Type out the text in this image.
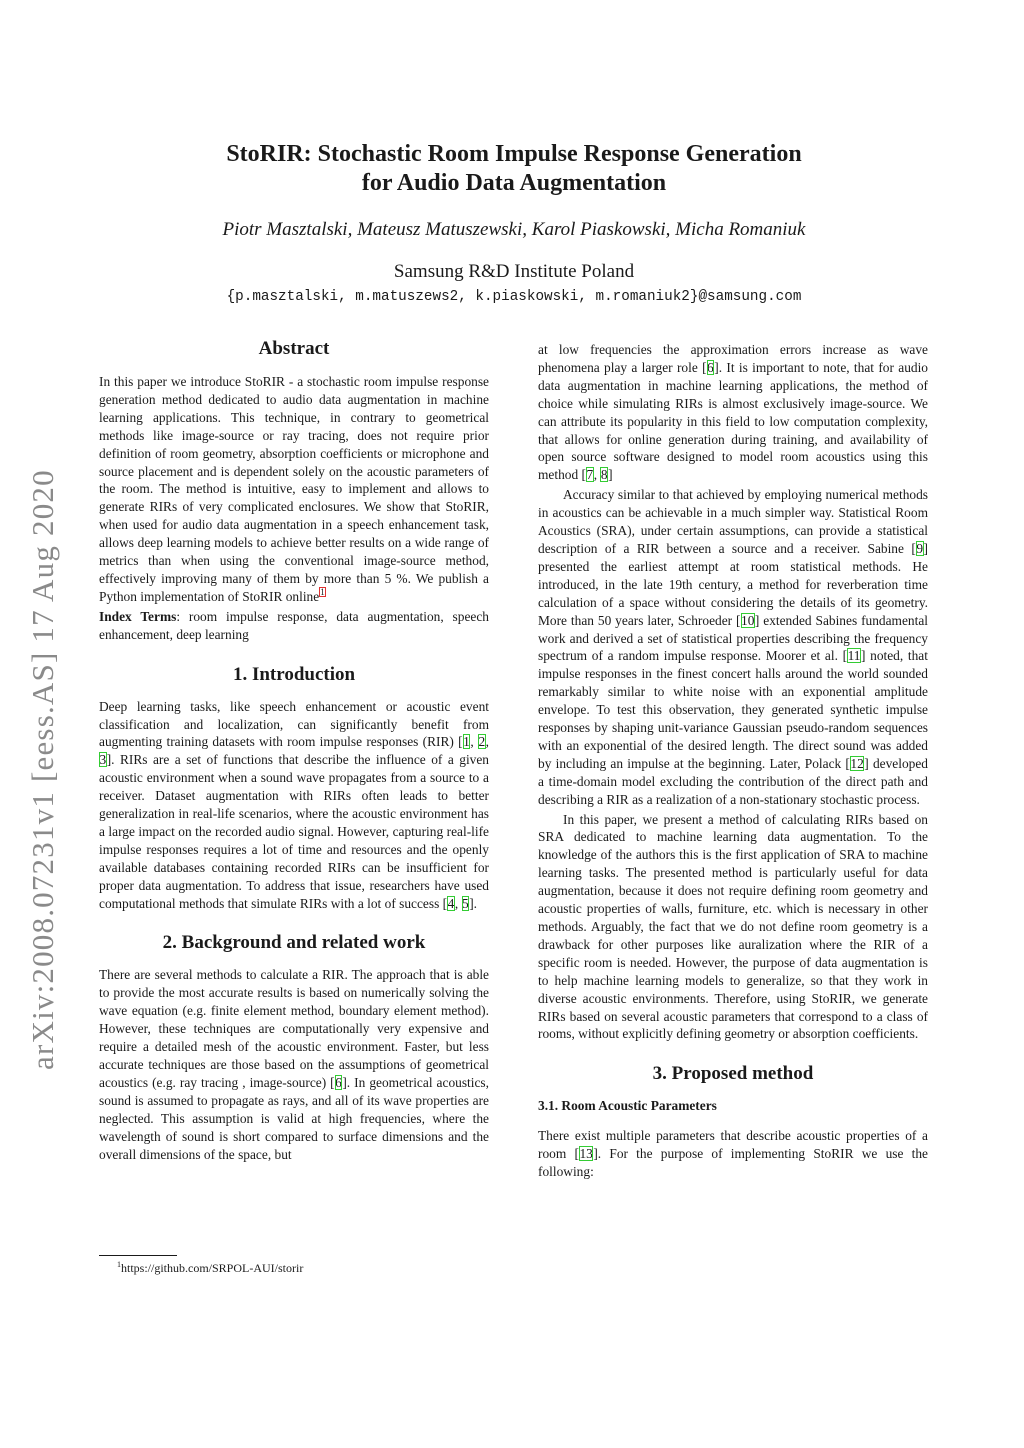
arXiv:2008.07231v1 [eess.AS] 17 Aug 2020
StoRIR: Stochastic Room Impulse Response Generation
for Audio Data Augmentation
Piotr Masztalski, Mateusz Matuszewski, Karol Piaskowski, Micha Romaniuk
Samsung R&D Institute Poland
{p.masztalski, m.matuszews2, k.piaskowski, m.romaniuk2}@samsung.com
Abstract

In this paper we introduce StoRIR - a stochastic room impulse response generation method dedicated to audio data augmentation in machine learning applications. This technique, in contrary to geometrical methods like image-source or ray tracing, does not require prior definition of room geometry, absorption coefficients or microphone and source placement and is dependent solely on the acoustic parameters of the room. The method is intuitive, easy to implement and allows to generate RIRs of very complicated enclosures. We show that StoRIR, when used for audio data augmentation in a speech enhancement task, allows deep learning models to achieve better results on a wide range of metrics than when using the conventional image-source method, effectively improving many of them by more than 5 %. We publish a Python implementation of StoRIR online$^1$

Index Terms: room impulse response, data augmentation, speech enhancement, deep learning

1. Introduction

Deep learning tasks, like speech enhancement or acoustic event classification and localization, can significantly benefit from augmenting training datasets with room impulse responses (RIR) [1, 2, 3]. RIRs are a set of functions that describe the influence of a given acoustic environment when a sound wave propagates from a source to a receiver. Dataset augmentation with RIRs often leads to better generalization in real-life scenarios, where the acoustic environment has a large impact on the recorded audio signal. However, capturing real-life impulse responses requires a lot of time and resources and the openly available databases containing recorded RIRs can be insufficient for proper data augmentation. To address that issue, researchers have used computational methods that simulate RIRs with a lot of success [4, 5].

2. Background and related work

There are several methods to calculate a RIR. The approach that is able to provide the most accurate results is based on numerically solving the wave equation (e.g. finite element method, boundary element method). However, these techniques are computationally very expensive and require a detailed mesh of the acoustic environment. Faster, but less accurate techniques are those based on the assumptions of geometrical acoustics (e.g. ray tracing , image-source) [6]. In geometrical acoustics, sound is assumed to propagate as rays, and all of its wave properties are neglected. This assumption is valid at high frequencies, where the wavelength of sound is short compared to surface dimensions and the overall dimensions of the space, but

$^1$https://github.com/SRPOL-AUI/storir

at low frequencies the approximation errors increase as wave phenomena play a larger role [6]. It is important to note, that for audio data augmentation in machine learning applications, the method of choice while simulating RIRs is almost exclusively image-source. We can attribute its popularity in this field to low computation complexity, that allows for online generation during training, and availability of open source software designed to model room acoustics using this method [7, 8]

Accuracy similar to that achieved by employing numerical methods in acoustics can be achievable in a much simpler way. Statistical Room Acoustics (SRA), under certain assumptions, can provide a statistical description of a RIR between a source and a receiver. Sabine [9] presented the earliest attempt at room statistical methods. He introduced, in the late 19th century, a method for reverberation time calculation of a space without considering the details of its geometry. More than 50 years later, Schroeder [10] extended Sabines fundamental work and derived a set of statistical properties describing the frequency spectrum of a random impulse response. Moorer et al. [11] noted, that impulse responses in the finest concert halls around the world sounded remarkably similar to white noise with an exponential amplitude envelope. To test this observation, they generated synthetic impulse responses by shaping unit-variance Gaussian pseudo-random sequences with an exponential of the desired length. The direct sound was added by including an impulse at the beginning. Later, Polack [12] developed a time-domain model excluding the contribution of the direct path and describing a RIR as a realization of a non-stationary stochastic process.

In this paper, we present a method of calculating RIRs based on SRA dedicated to machine learning data augmentation. To the knowledge of the authors this is the first application of SRA to machine learning tasks. The presented method is particularly useful for data augmentation, because it does not require defining room geometry and acoustic properties of walls, furniture, etc. which is necessary in other methods. Arguably, the fact that we do not define room geometry is a drawback for other purposes like auralization where the RIR of a specific room is needed. However, the purpose of data augmentation is to help machine learning models to generalize, so that they work in diverse acoustic environments. Therefore, using StoRIR, we generate RIRs based on several acoustic parameters that correspond to a class of rooms, without explicitly defining geometry or absorption coefficients.

3. Proposed method
3.1. Room Acoustic Parameters

There exist multiple parameters that describe acoustic properties of a room [13]. For the purpose of implementing StoRIR we use the following:
